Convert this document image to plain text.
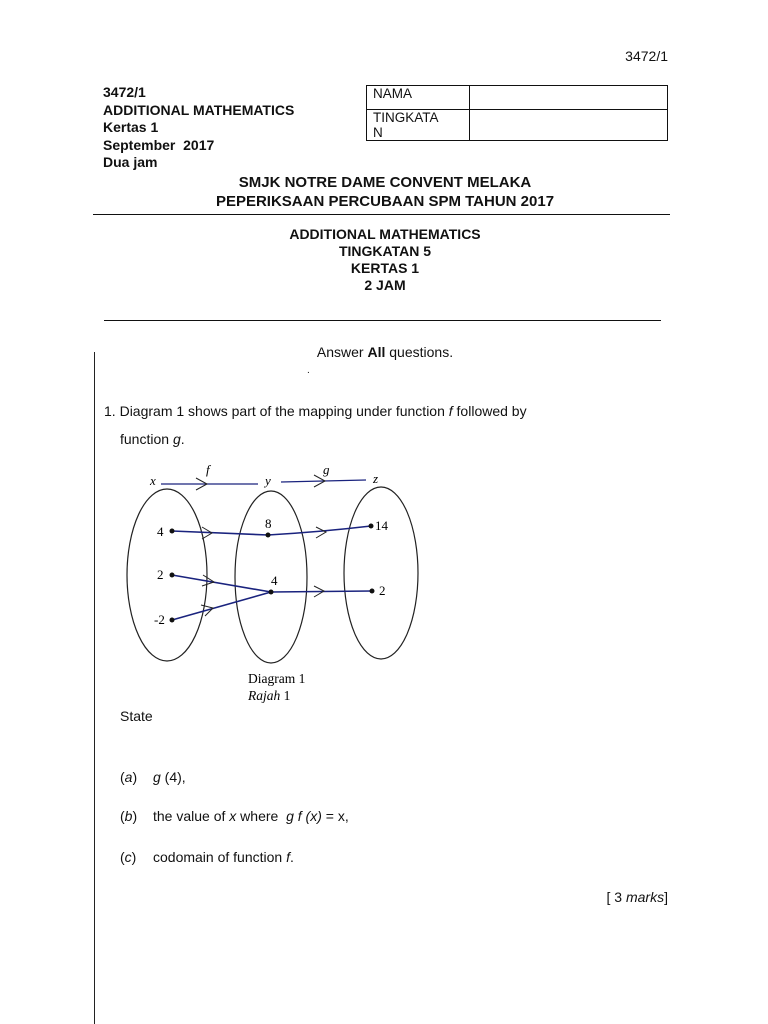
3472/1
3472/1
ADDITIONAL MATHEMATICS
Kertas 1
September  2017
Dua jam
NAMA	
TINGKATA
N	
SMJK NOTRE DAME CONVENT MELAKA
PEPERIKSAAN PERCUBAAN SPM TAHUN 2017
ADDITIONAL MATHEMATICS
TINGKATAN 5
KERTAS 1
2 JAM
Answer All questions.
.
1. Diagram 1 shows part of the mapping under function f followed by
function g.
x	y	z
f	g
4
2
-2
8
4
14
2
Diagram 1
Rajah 1
State
(a) g (4),
(b) the value of x where  g f (x) = x,
(c) codomain of function f.
[ 3 marks]
